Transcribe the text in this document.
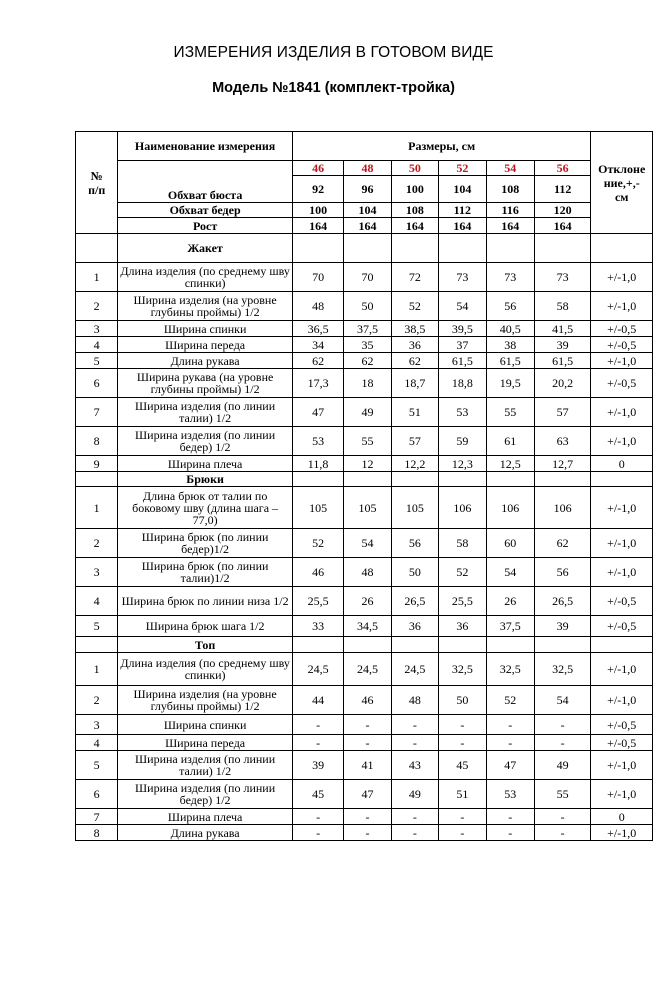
ИЗМЕРЕНИЯ ИЗДЕЛИЯ В ГОТОВОМ ВИДЕ
Модель №1841 (комплект-тройка)
№
п/п	Наименование измерения	Размеры, см						Отклоне
ние,+,-
см
	Обхват бюста	46	48	50	52	54	56	
		92	96	100	104	108	112	
	Обхват бедер	100	104	108	112	116	120	
	Рост	164	164	164	164	164	164	
	Жакет							
1	Длина изделия (по среднему шву спинки)	70	70	72	73	73	73	+/-1,0
2	Ширина изделия (на уровне глубины проймы) 1/2	48	50	52	54	56	58	+/-1,0
3	Ширина спинки	36,5	37,5	38,5	39,5	40,5	41,5	+/-0,5
4	Ширина переда	34	35	36	37	38	39	+/-0,5
5	Длина рукава	62	62	62	61,5	61,5	61,5	+/-1,0
6	Ширина рукава (на уровне глубины проймы) 1/2	17,3	18	18,7	18,8	19,5	20,2	+/-0,5
7	Ширина изделия (по линии талии) 1/2	47	49	51	53	55	57	+/-1,0
8	Ширина изделия (по линии бедер) 1/2	53	55	57	59	61	63	+/-1,0
9	Ширина плеча	11,8	12	12,2	12,3	12,5	12,7	0
	Брюки							
1	Длина брюк от талии по боковому шву (длина шага – 77,0)	105	105	105	106	106	106	+/-1,0
2	Ширина брюк (по линии бедер)1/2	52	54	56	58	60	62	+/-1,0
3	Ширина брюк (по линии талии)1/2	46	48	50	52	54	56	+/-1,0
4	Ширина брюк по линии низа 1/2	25,5	26	26,5	25,5	26	26,5	+/-0,5
5	Ширина брюк шага 1/2	33	34,5	36	36	37,5	39	+/-0,5
	Топ							
1	Длина изделия (по среднему шву спинки)	24,5	24,5	24,5	32,5	32,5	32,5	+/-1,0
2	Ширина изделия (на уровне глубины проймы) 1/2	44	46	48	50	52	54	+/-1,0
3	Ширина спинки	-	-	-	-	-	-	+/-0,5
4	Ширина переда	-	-	-	-	-	-	+/-0,5
5	Ширина изделия (по линии талии) 1/2	39	41	43	45	47	49	+/-1,0
6	Ширина изделия (по линии бедер) 1/2	45	47	49	51	53	55	+/-1,0
7	Ширина плеча	-	-	-	-	-	-	0
8	Длина рукава	-	-	-	-	-	-	+/-1,0
